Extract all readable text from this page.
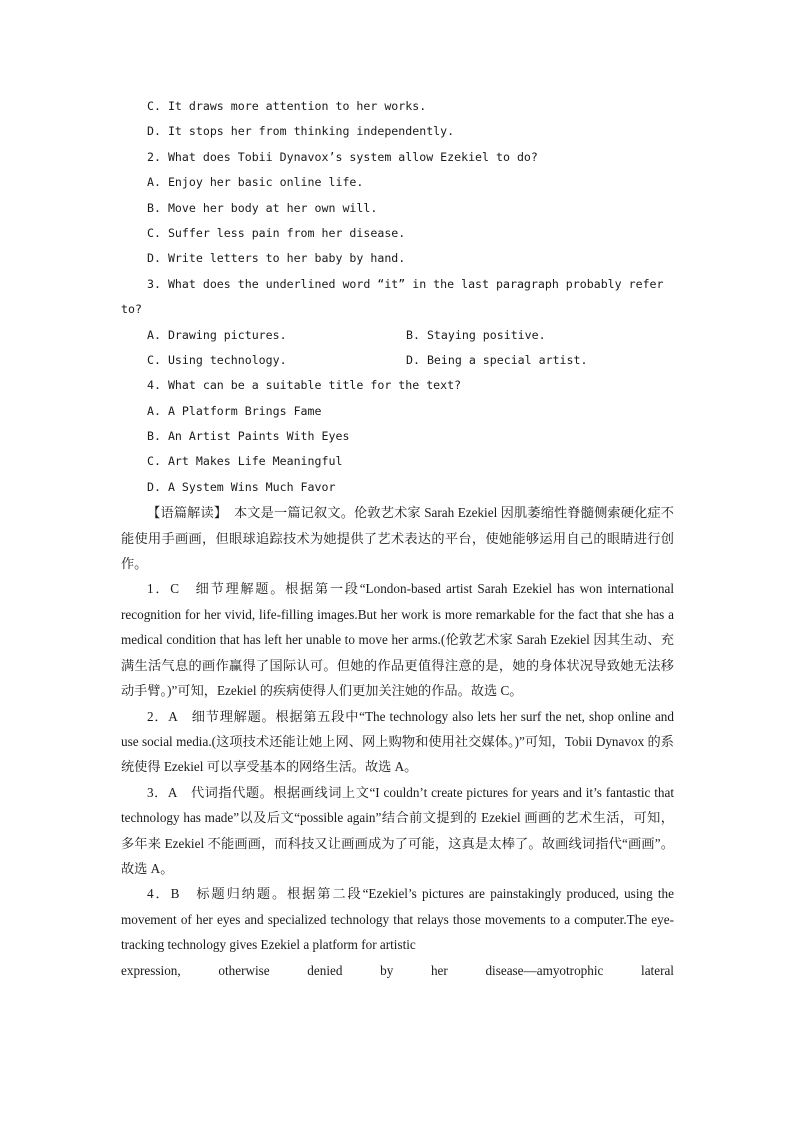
C. It draws more attention to her works.
D. It stops her from thinking independently.
2. What does Tobii Dynavox’s system allow Ezekiel to do?
A. Enjoy her basic online life.
B. Move her body at her own will.
C. Suffer less pain from her disease.
D. Write letters to her baby by hand.
3. What does the underlined word “it” in the last paragraph probably refer
to?
A. Drawing pictures.	B. Staying positive.
C. Using technology.	D. Being a special artist.
4. What can be a suitable title for the text?
A. A Platform Brings Fame
B. An Artist Paints With Eyes
C. Art Makes Life Meaningful
D. A System Wins Much Favor
【语篇解读】　本文是一篇记叙文。伦敦艺术家 Sarah Ezekiel 因肌萎缩性脊髓侧索硬化症不能使用手画画，但眼球追踪技术为她提供了艺术表达的平台，使她能够运用自己的眼睛进行创作。
1．C　细节理解题。根据第一段“London-based artist Sarah Ezekiel has won international recognition for her vivid, life-filling images.But her work is more remarkable for the fact that she has a medical condition that has left her unable to move her arms.(伦敦艺术家 Sarah Ezekiel 因其生动、充满生活气息的画作赢得了国际认可。但她的作品更值得注意的是，她的身体状况导致她无法移动手臂。)”可知，Ezekiel 的疾病使得人们更加关注她的作品。故选 C。
2．A　细节理解题。根据第五段中“The technology also lets her surf the net, shop online and use social media.(这项技术还能让她上网、网上购物和使用社交媒体。)”可知，Tobii Dynavox 的系统使得 Ezekiel 可以享受基本的网络生活。故选 A。
3．A　代词指代题。根据画线词上文“I couldn’t create pictures for years and it’s fantastic that technology has made”以及后文“possible again”结合前文提到的 Ezekiel 画画的艺术生活，可知，多年来 Ezekiel 不能画画，而科技又让画画成为了可能，这真是太棒了。故画线词指代“画画”。故选 A。
4．B　标题归纳题。根据第二段“Ezekiel’s pictures are painstakingly produced, using the movement of her eyes and specialized technology that relays those movements to a computer.The eye-tracking technology gives Ezekiel a platform for artistic
expression,	otherwise	denied	by	her	disease—amyotrophic	lateral
